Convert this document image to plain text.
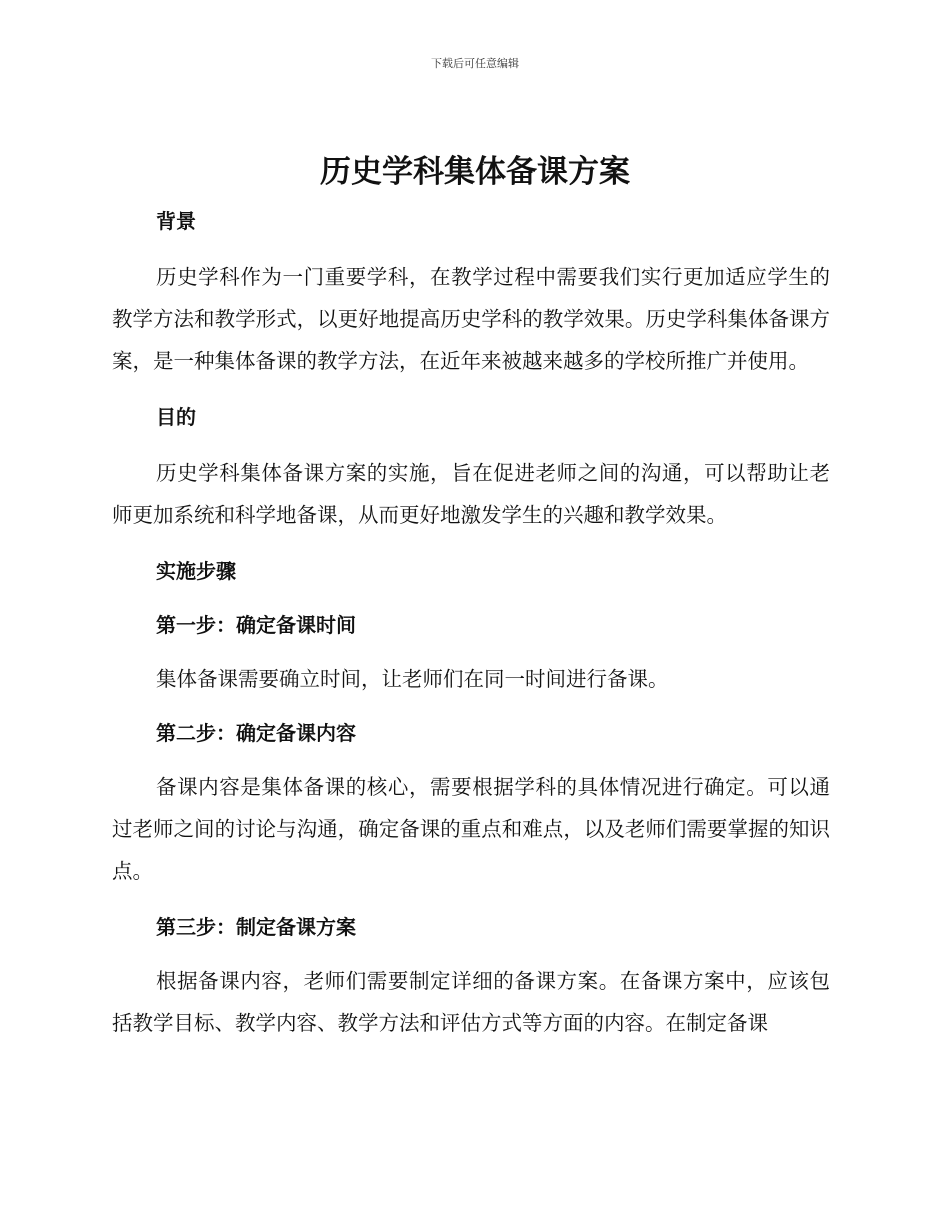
下载后可任意编辑
历史学科集体备课方案

背景

历史学科作为一门重要学科，在教学过程中需要我们实行更加适应学生的教学方法和教学形式，以更好地提高历史学科的教学效果。历史学科集体备课方案，是一种集体备课的教学方法，在近年来被越来越多的学校所推广并使用。

目的

历史学科集体备课方案的实施，旨在促进老师之间的沟通，可以帮助让老师更加系统和科学地备课，从而更好地激发学生的兴趣和教学效果。

实施步骤

第一步：确定备课时间

集体备课需要确立时间，让老师们在同一时间进行备课。

第二步：确定备课内容

备课内容是集体备课的核心，需要根据学科的具体情况进行确定。可以通过老师之间的讨论与沟通，确定备课的重点和难点，以及老师们需要掌握的知识点。

第三步：制定备课方案

根据备课内容，老师们需要制定详细的备课方案。在备课方案中，应该包括教学目标、教学内容、教学方法和评估方式等方面的内容。在制定备课
